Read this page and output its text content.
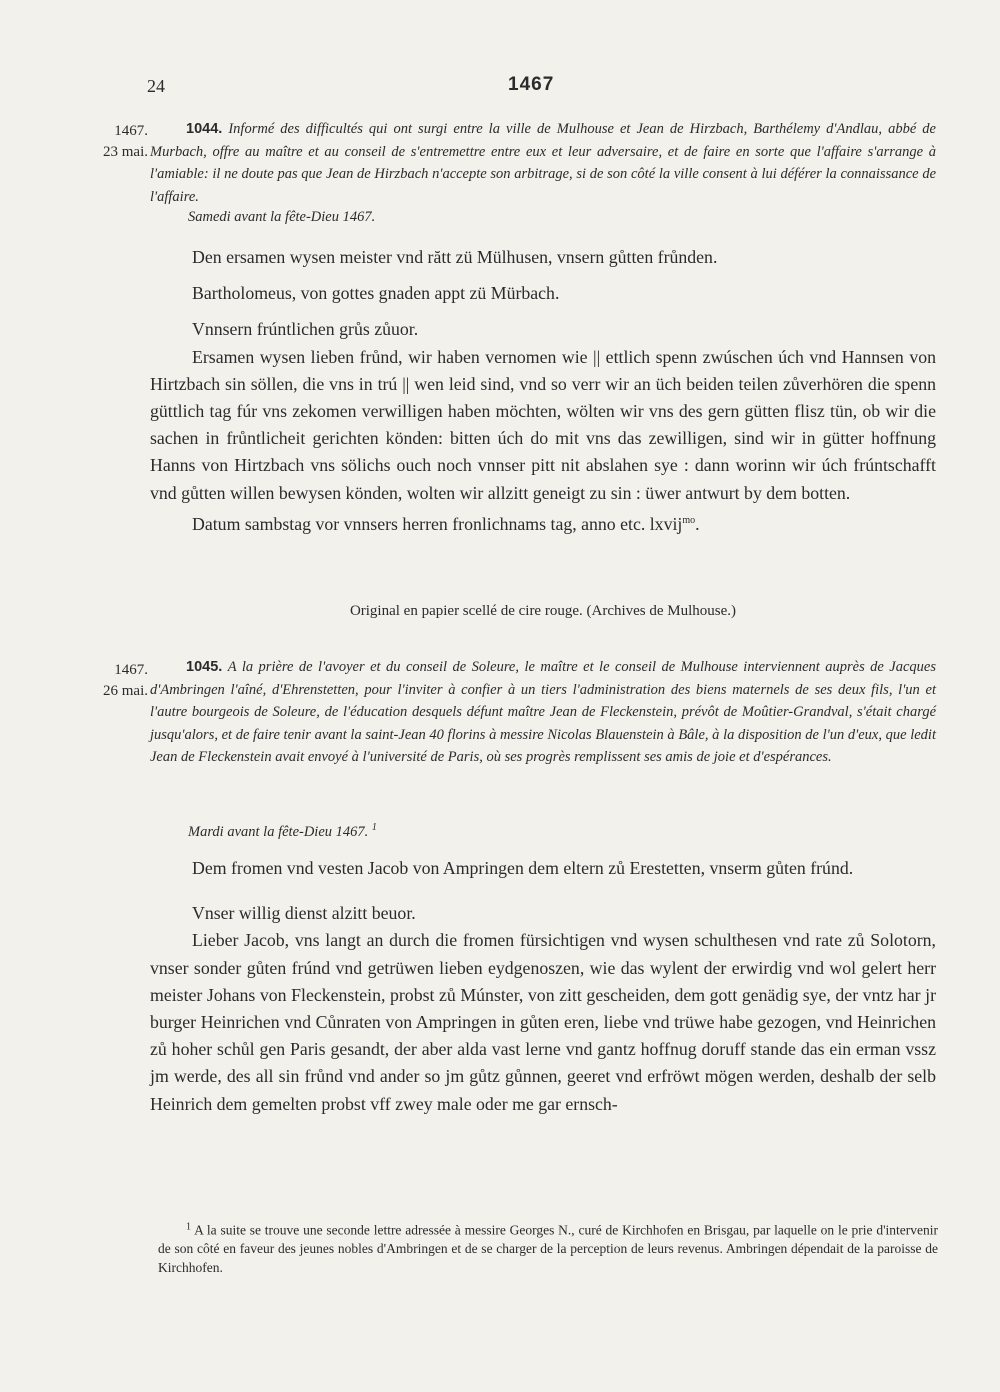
24	1467
1467.
23 mai.
1044. Informé des difficultés qui ont surgi entre la ville de Mulhouse et Jean de Hirzbach, Barthélemy d'Andlau, abbé de Murbach, offre au maître et au conseil de s'entremettre entre eux et leur adversaire, et de faire en sorte que l'affaire s'arrange à l'amiable: il ne doute pas que Jean de Hirzbach n'accepte son arbitrage, si de son côté la ville consent à lui déférer la connaissance de l'affaire.
Samedi avant la fête-Dieu 1467.

Den ersamen wysen meister vnd rătt zü Mülhusen, vnsern gůtten frůnden.

Bartholomeus, von gottes gnaden appt zü Mürbach.

Vnnsern frúntlichen grůs zůuor.

Ersamen wysen lieben frůnd, wir haben vernomen wie || ettlich spenn zwúschen úch vnd Hannsen von Hirtzbach sin söllen, die vns in trú || wen leid sind, vnd so verr wir an üch beiden teilen zůverhören die spenn güttlich tag fúr vns zekomen verwilligen haben möchten, wölten wir vns des gern gütten flisz tün, ob wir die sachen in frůntlicheit gerichten könden: bitten úch do mit vns das zewilligen, sind wir in gütter hoffnung Hanns von Hirtzbach vns sölichs ouch noch vnnser pitt nit abslahen sye : dann worinn wir úch frúntschafft vnd gůtten willen bewysen könden, wolten wir allzitt geneigt zu sin : üwer antwurt by dem botten.

Datum sambstag vor vnnsers herren fronlichnams tag, anno etc. lxvij$^{mo}$.

Original en papier scellé de cire rouge. (Archives de Mulhouse.)
1467.
26 mai.
1045. A la prière de l'avoyer et du conseil de Soleure, le maître et le conseil de Mulhouse interviennent auprès de Jacques d'Ambringen l'aîné, d'Ehrenstetten, pour l'inviter à confier à un tiers l'administration des biens maternels de ses deux fils, l'un et l'autre bourgeois de Soleure, de l'éducation desquels défunt maître Jean de Fleckenstein, prévôt de Moûtier-Grandval, s'était chargé jusqu'alors, et de faire tenir avant la saint-Jean 40 florins à messire Nicolas Blauenstein à Bâle, à la disposition de l'un d'eux, que ledit Jean de Fleckenstein avait envoyé à l'université de Paris, où ses progrès remplissent ses amis de joie et d'espérances.
Mardi avant la fête-Dieu 1467. $^1$

Dem fromen vnd vesten Jacob von Ampringen dem eltern zů Erestetten, vnserm gůten frúnd.

Vnser willig dienst alzitt beuor.

Lieber Jacob, vns langt an durch die fromen fürsichtigen vnd wysen schulthesen vnd rate zů Solotorn, vnser sonder gůten frúnd vnd getrüwen lieben eydgenoszen, wie das wylent der erwirdig vnd wol gelert herr meister Johans von Fleckenstein, probst zů Múnster, von zitt gescheiden, dem gott genädig sye, der vntz har jr burger Heinrichen vnd Cůnraten von Ampringen in gůten eren, liebe vnd trüwe habe gezogen, vnd Heinrichen zů hoher schůl gen Paris gesandt, der aber alda vast lerne vnd gantz hoffnug doruff stande das ein erman vssz jm werde, des all sin frůnd vnd ander so jm gůtz gůnnen, geeret vnd erfröwt mögen werden, deshalb der selb Heinrich dem gemelten probst vff zwey male oder me gar ernsch-

$^1$ A la suite se trouve une seconde lettre adressée à messire Georges N., curé de Kirchhofen en Brisgau, par laquelle on le prie d'intervenir de son côté en faveur des jeunes nobles d'Ambringen et de se charger de la perception de leurs revenus. Ambringen dépendait de la paroisse de Kirchhofen.
